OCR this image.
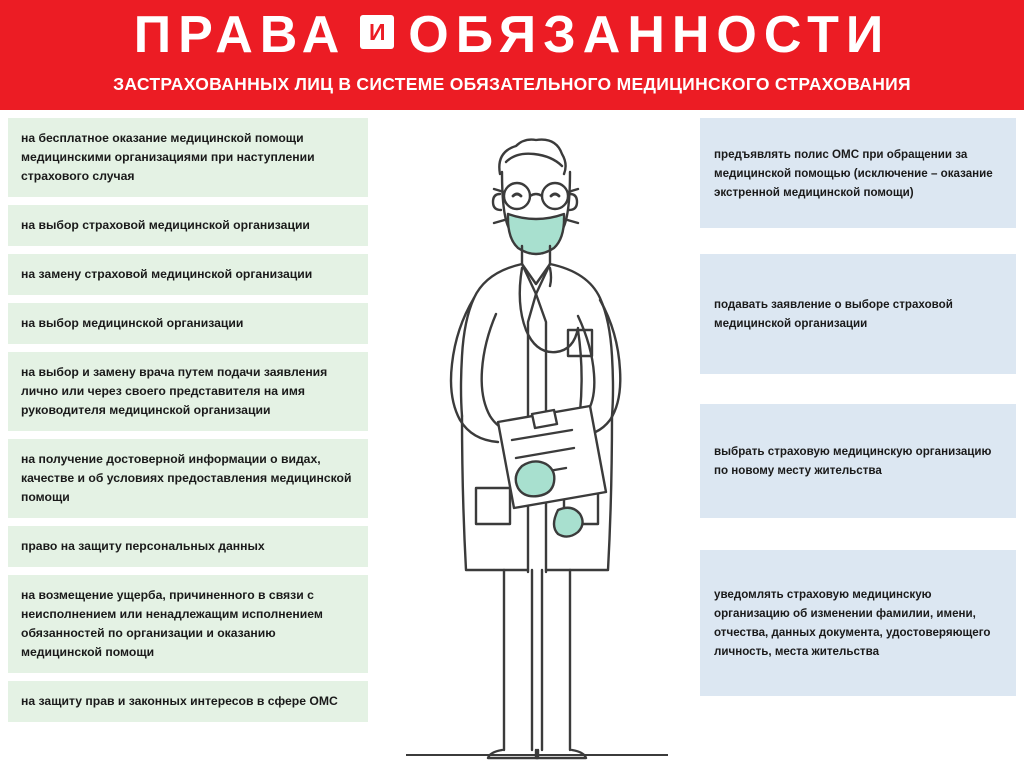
ПРАВА И ОБЯЗАННОСТИ
ЗАСТРАХОВАННЫХ ЛИЦ В СИСТЕМЕ ОБЯЗАТЕЛЬНОГО МЕДИЦИНСКОГО СТРАХОВАНИЯ
на бесплатное оказание медицинской помощи медицинскими организациями при наступлении страхового случая
на выбор страховой медицинской организации
на замену страховой медицинской организации
на выбор медицинской организации
на выбор и замену врача путем подачи заявления лично или через своего представителя на имя руководителя медицинской организации
на получение достоверной информации о видах, качестве и об условиях предоставления медицинской помощи
право на защиту персональных данных
на возмещение ущерба, причиненного в связи с неисполнением или ненадлежащим исполнением обязанностей по организации и оказанию медицинской помощи
на защиту прав и законных интересов в сфере ОМС
предъявлять полис ОМС при обращении за медицинской помощью (исключение – оказание экстренной медицинской помощи)
подавать заявление о выборе страховой медицинской организации
выбрать страховую медицинскую организацию по новому месту жительства
уведомлять страховую медицинскую организацию об изменении фамилии, имени, отчества, данных документа, удостоверяющего личность, места жительства
